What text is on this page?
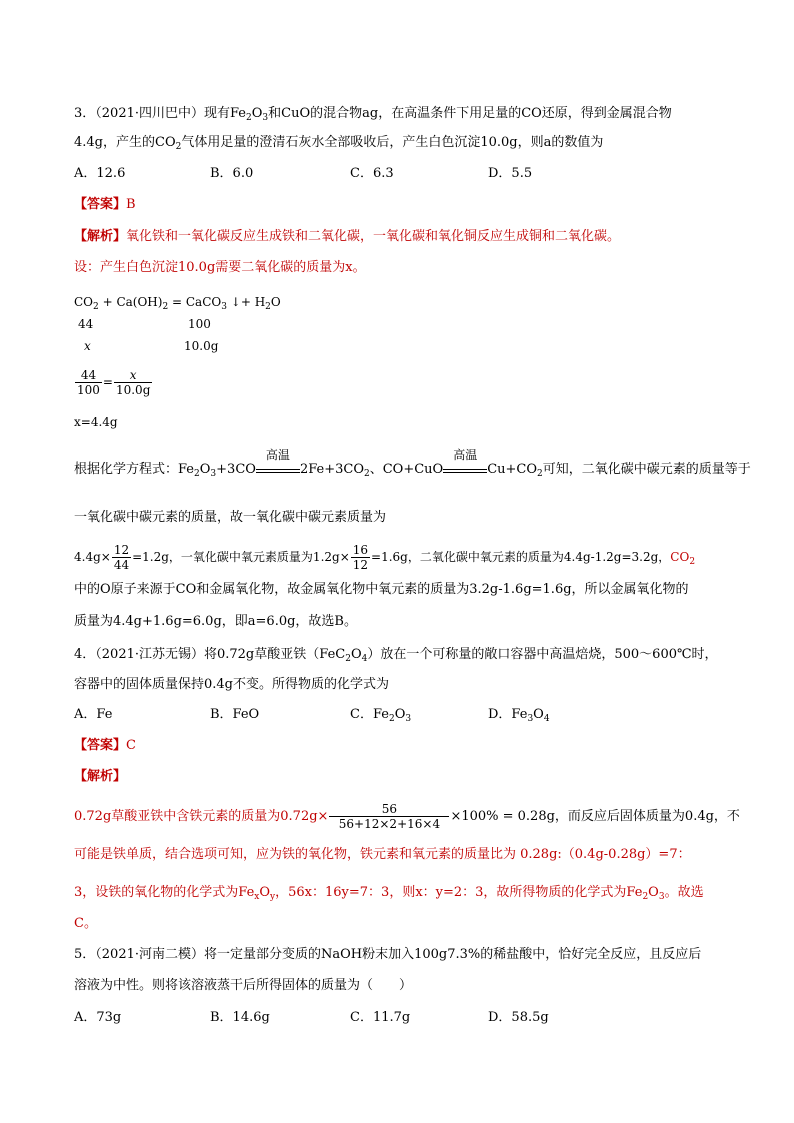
3．（2021·四川巴中）现有$Fe_2O_3$和CuO的混合物ag，在高温条件下用足量的CO还原，得到金属混合物
4.4g，产生的$CO_2$气体用足量的澄清石灰水全部吸收后，产生白色沉淀10.0g，则a的数值为
A．12.6	B．6.0	C．6.3	D．5.5
【答案】B
【解析】氧化铁和一氧化碳反应生成铁和二氧化碳，一氧化碳和氧化铜反应生成铜和二氧化碳。
设：产生白色沉淀10.0g需要二氧化碳的质量为x。
$CO_2 + Ca(OH)_2$ = CaCO$_3$ ↓+ $H_2O$
44	100
x	10.0g
$\frac{44}{100} = \frac{x}{10.0g}$
x=4.4g
根据化学方程式：$Fe_2O_3+3CO$
高温
$2Fe+3CO_2$、CO+CuO
高温
$Cu+CO_2$可知，二氧化碳中碳元素的质量等于
一氧化碳中碳元素的质量，故一氧化碳中碳元素质量为
$4.4g\times \frac{12}{44} =1.2g$，一氧化碳中氧元素质量为$1.2g\times \frac{16}{12} =1.6g$，二氧化碳中氧元素的质量为4.4g-1.2g=3.2g，$CO_2$
中的O原子来源于CO和金属氧化物，故金属氧化物中氧元素的质量为3.2g-1.6g=1.6g，所以金属氧化物的
质量为4.4g+1.6g=6.0g，即a=6.0g，故选B。
4．（2021·江苏无锡）将0.72g草酸亚铁$(FeC_2O_4)$放在一个可称量的敞口容器中高温焙烧，500～600℃时，
容器中的固体质量保持0.4g不变。所得物质的化学式为
A．Fe	B．FeO	C．$Fe_2O_3$	D．$Fe_3O_4$
【答案】C
【解析】
0.72g草酸亚铁中含铁元素的质量为$0.72g\times \frac{56}{56+12\times 2+16\times 4} \times 100\% = 0.28g$，而反应后固体质量为0.4g，不
可能是铁单质，结合选项可知，应为铁的氧化物，铁元素和氧元素的质量比为 0.28g:（0.4g-0.28g）=7：
3，设铁的氧化物的化学式为$Fe_xO_y$，56x：16y=7：3，则x：y=2：3，故所得物质的化学式为$Fe_2O_3$。故选
C。
5．（2021·河南二模）将一定量部分变质的NaOH粉末加入100g7.3%的稀盐酸中，恰好完全反应，且反应后
溶液为中性。则将该溶液蒸干后所得固体的质量为（　　）
A．73g	B．14.6g	C．11.7g	D．58.5g
